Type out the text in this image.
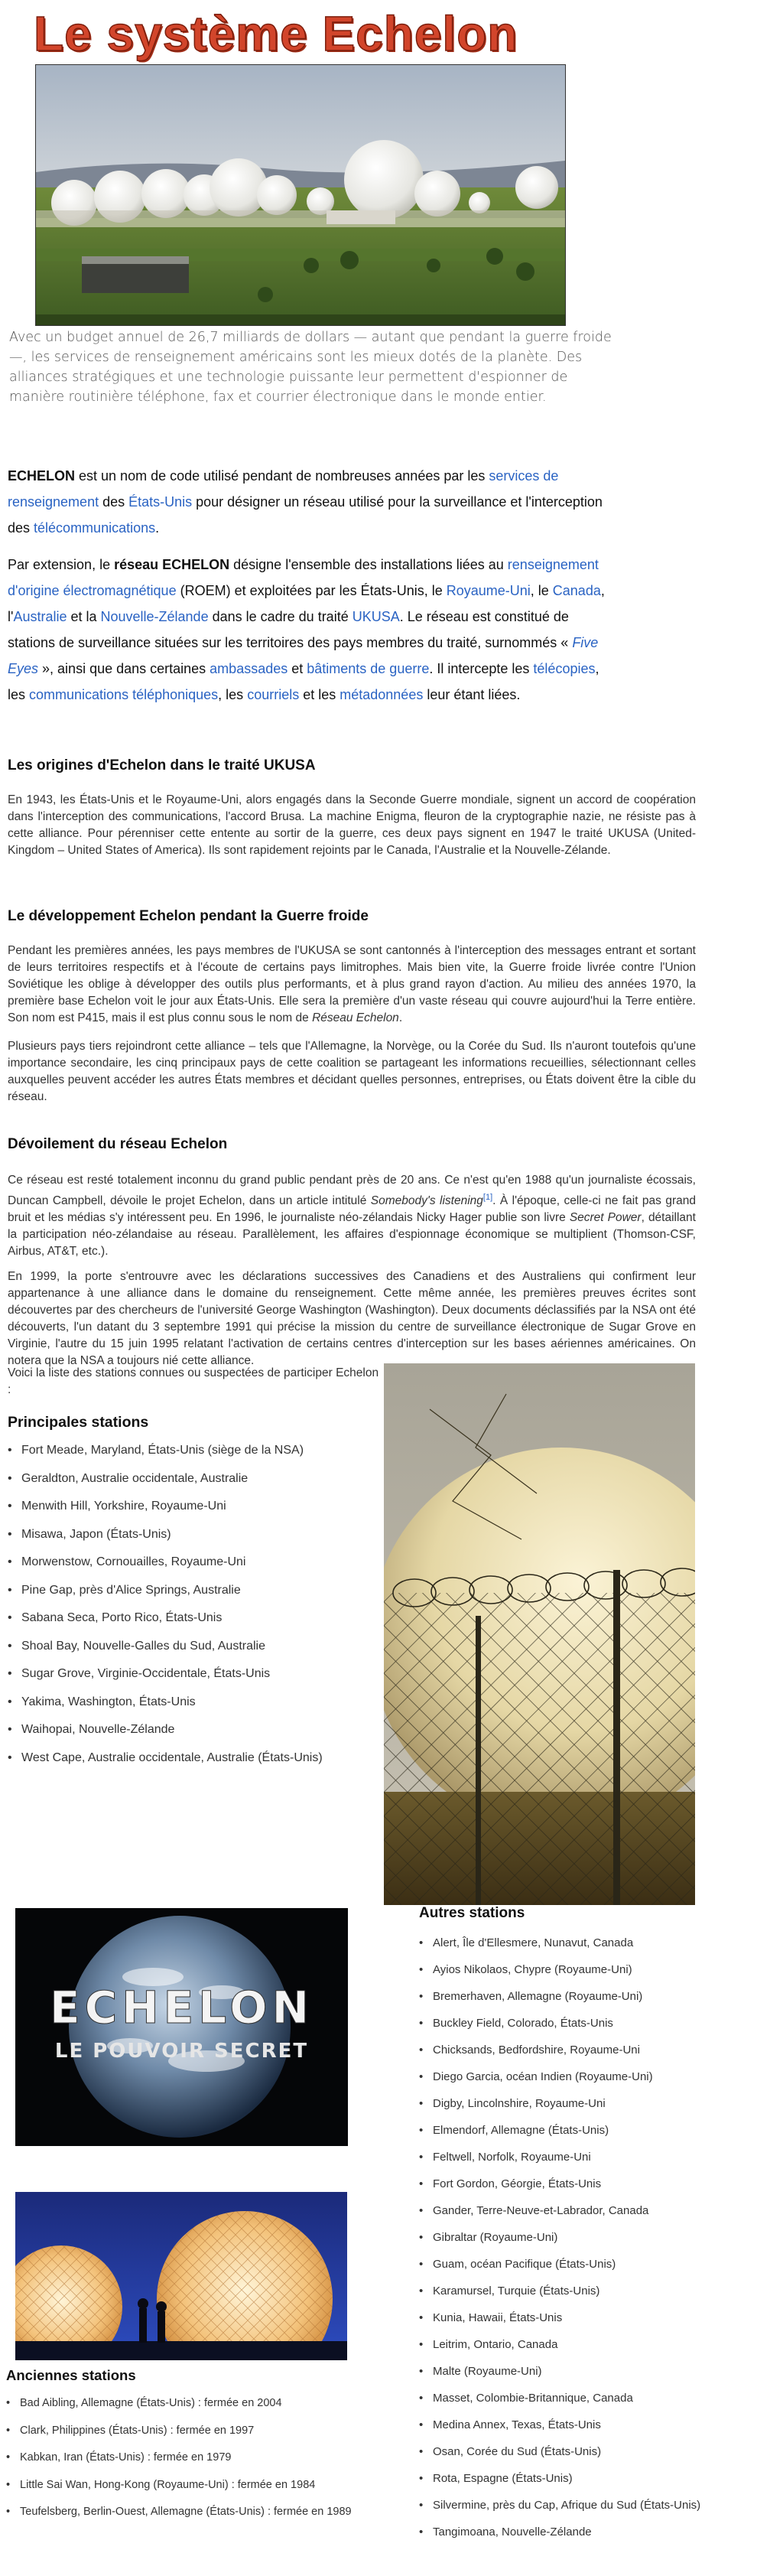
Le système Echelon
Avec un budget annuel de 26,7 milliards de dollars — autant que pendant la guerre froide —, les services de renseignement américains sont les mieux dotés de la planète. Des alliances stratégiques et une technologie puissante leur permettent d'espionner de manière routinière téléphone, fax et courrier électronique dans le monde entier.
ECHELON est un nom de code utilisé pendant de nombreuses années par les services de renseignement des États-Unis pour désigner un réseau utilisé pour la surveillance et l'interception des télécommunications.
Par extension, le réseau ECHELON désigne l'ensemble des installations liées au renseignement d'origine électromagnétique (ROEM) et exploitées par les États-Unis, le Royaume-Uni, le Canada, l'Australie et la Nouvelle-Zélande dans le cadre du traité UKUSA. Le réseau est constitué de stations de surveillance situées sur les territoires des pays membres du traité, surnommés « Five Eyes », ainsi que dans certaines ambassades et bâtiments de guerre. Il intercepte les télécopies, les communications téléphoniques, les courriels et les métadonnées leur étant liées.
Les origines d'Echelon dans le traité UKUSA
En 1943, les États-Unis et le Royaume-Uni, alors engagés dans la Seconde Guerre mondiale, signent un accord de coopération dans l'interception des communications, l'accord Brusa. La machine Enigma, fleuron de la cryptographie nazie, ne résiste pas à cette alliance. Pour pérenniser cette entente au sortir de la guerre, ces deux pays signent en 1947 le traité UKUSA (United-Kingdom – United States of America). Ils sont rapidement rejoints par le Canada, l'Australie et la Nouvelle-Zélande.
Le développement Echelon pendant la Guerre froide
Pendant les premières années, les pays membres de l'UKUSA se sont cantonnés à l'interception des messages entrant et sortant de leurs territoires respectifs et à l'écoute de certains pays limitrophes. Mais bien vite, la Guerre froide livrée contre l'Union Soviétique les oblige à développer des outils plus performants, et à plus grand rayon d'action. Au milieu des années 1970, la première base Echelon voit le jour aux États-Unis. Elle sera la première d'un vaste réseau qui couvre aujourd'hui la Terre entière. Son nom est P415, mais il est plus connu sous le nom de Réseau Echelon.
Plusieurs pays tiers rejoindront cette alliance – tels que l'Allemagne, la Norvège, ou la Corée du Sud. Ils n'auront toutefois qu'une importance secondaire, les cinq principaux pays de cette coalition se partageant les informations recueillies, sélectionnant celles auxquelles peuvent accéder les autres États membres et décidant quelles personnes, entreprises, ou États doivent être la cible du réseau.
Dévoilement du réseau Echelon
Ce réseau est resté totalement inconnu du grand public pendant près de 20 ans. Ce n'est qu'en 1988 qu'un journaliste écossais, Duncan Campbell, dévoile le projet Echelon, dans un article intitulé Somebody's listening[1]. À l'époque, celle-ci ne fait pas grand bruit et les médias s'y intéressent peu. En 1996, le journaliste néo-zélandais Nicky Hager publie son livre Secret Power, détaillant la participation néo-zélandaise au réseau. Parallèlement, les affaires d'espionnage économique se multiplient (Thomson-CSF, Airbus, AT&T, etc.).
En 1999, la porte s'entrouvre avec les déclarations successives des Canadiens et des Australiens qui confirment leur appartenance à une alliance dans le domaine du renseignement. Cette même année, les premières preuves écrites sont découvertes par des chercheurs de l'université George Washington (Washington). Deux documents déclassifiés par la NSA ont été découverts, l'un datant du 3 septembre 1991 qui précise la mission du centre de surveillance électronique de Sugar Grove en Virginie, l'autre du 15 juin 1995 relatant l'activation de certains centres d'interception sur les bases aériennes américaines. On notera que la NSA a toujours nié cette alliance.
Voici la liste des stations connues ou suspectées de participer Echelon :
Principales stations
• Fort Meade, Maryland, États-Unis (siège de la NSA)
• Geraldton, Australie occidentale, Australie
• Menwith Hill, Yorkshire, Royaume-Uni
• Misawa, Japon (États-Unis)
• Morwenstow, Cornouailles, Royaume-Uni
• Pine Gap, près d'Alice Springs, Australie
• Sabana Seca, Porto Rico, États-Unis
• Shoal Bay, Nouvelle-Galles du Sud, Australie
• Sugar Grove, Virginie-Occidentale, États-Unis
• Yakima, Washington, États-Unis
• Waihopai, Nouvelle-Zélande
• West Cape, Australie occidentale, Australie (États-Unis)
ECHELON
LE POUVOIR SECRET
Autres stations
• Alert, Île d'Ellesmere, Nunavut, Canada
• Ayios Nikolaos, Chypre (Royaume-Uni)
• Bremerhaven, Allemagne (Royaume-Uni)
• Buckley Field, Colorado, États-Unis
• Chicksands, Bedfordshire, Royaume-Uni
• Diego Garcia, océan Indien (Royaume-Uni)
• Digby, Lincolnshire, Royaume-Uni
• Elmendorf, Allemagne (États-Unis)
• Feltwell, Norfolk, Royaume-Uni
• Fort Gordon, Géorgie, États-Unis
• Gander, Terre-Neuve-et-Labrador, Canada
• Gibraltar (Royaume-Uni)
• Guam, océan Pacifique (États-Unis)
• Karamursel, Turquie (États-Unis)
• Kunia, Hawaii, États-Unis
• Leitrim, Ontario, Canada
• Malte (Royaume-Uni)
• Masset, Colombie-Britannique, Canada
• Medina Annex, Texas, États-Unis
• Osan, Corée du Sud (États-Unis)
• Rota, Espagne (États-Unis)
• Silvermine, près du Cap, Afrique du Sud (États-Unis)
• Tangimoana, Nouvelle-Zélande
Anciennes stations
• Bad Aibling, Allemagne (États-Unis) : fermée en 2004
• Clark, Philippines (États-Unis) : fermée en 1997
• Kabkan, Iran (États-Unis) : fermée en 1979
• Little Sai Wan, Hong-Kong (Royaume-Uni) : fermée en 1984
• Teufelsberg, Berlin-Ouest, Allemagne (États-Unis) : fermée en 1989
